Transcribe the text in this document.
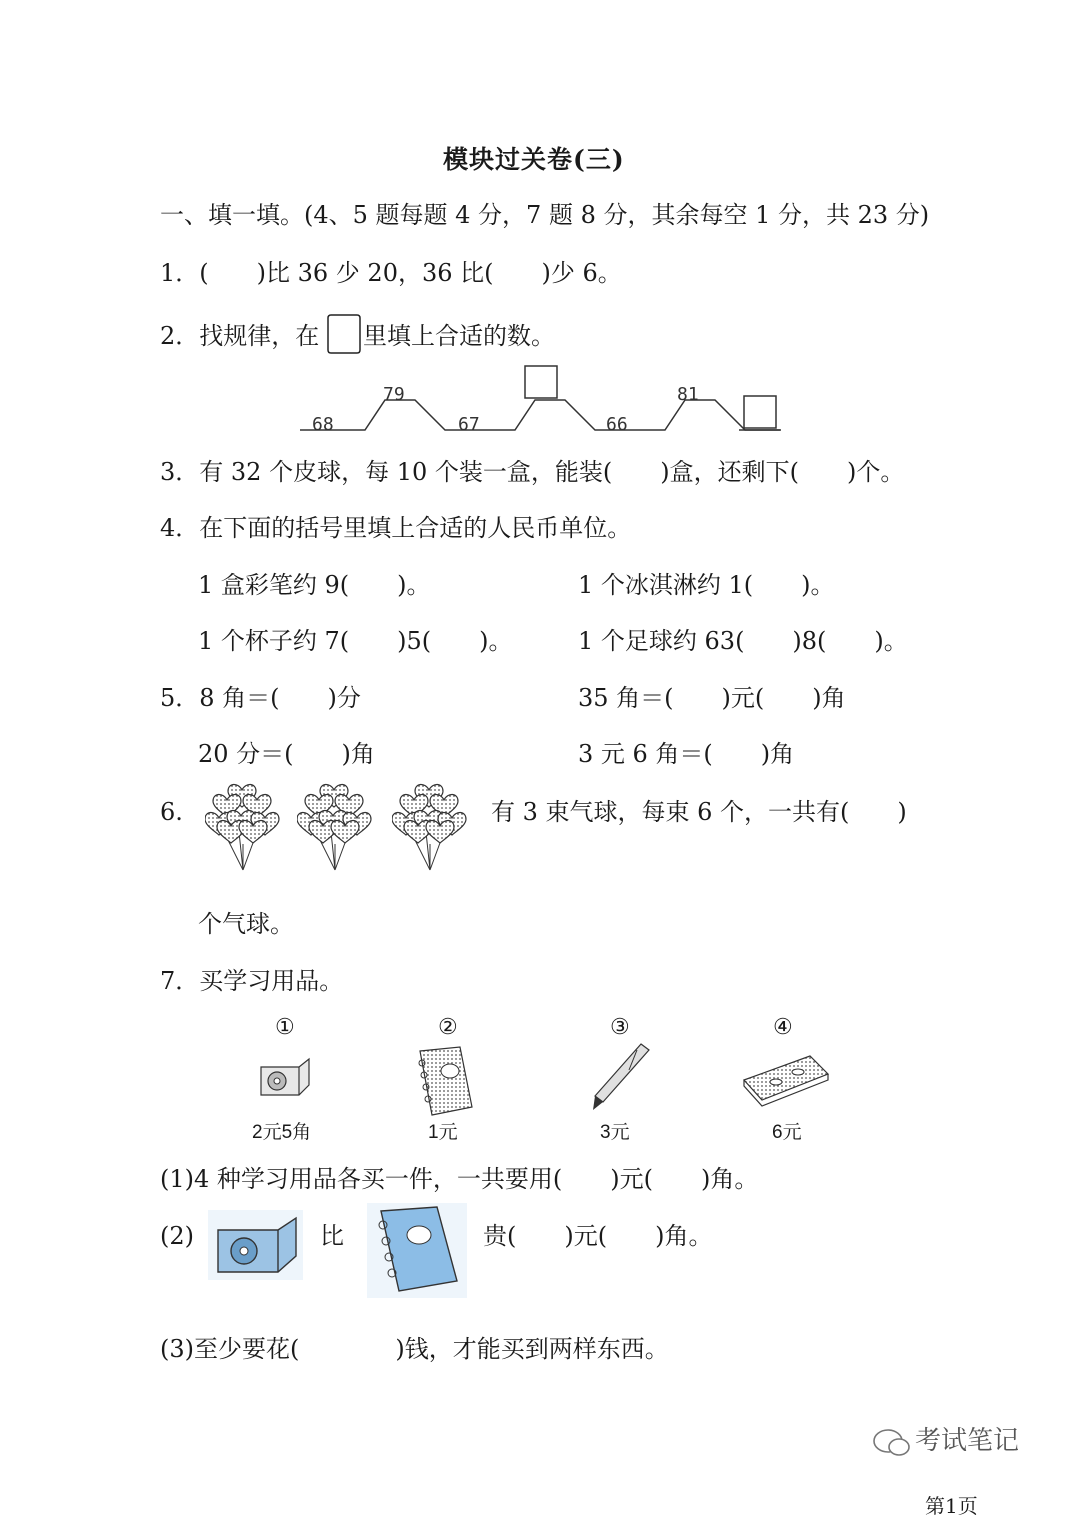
模块过关卷(三)
一、填一填。(4、5 题每题 4 分，7 题 8 分，其余每空 1 分，共 23 分)
1．(　　)比 36 少 20，36 比(　　)少 6。
2．找规律，在 里填上合适的数。
68
79
67	66
81
3．有 32 个皮球，每 10 个装一盒，能装(　　)盒，还剩下(　　)个。
4．在下面的括号里填上合适的人民币单位。
1 盒彩笔约 9(　　)。	1 个冰淇淋约 1(　　)。
1 个杯子约 7(　　)5(　　)。	1 个足球约 63(　　)8(　　)。
5．8 角＝(　　)分	35 角＝(　　)元(　　)角
20 分＝(　　)角	3 元 6 角＝(　　)角
6.	有 3 束气球，每束 6 个，一共有(　　)
个气球。
7．买学习用品。
①	②	③	④
2元5角	1元	3元	6元
(1)4 种学习用品各买一件，一共要用(　　)元(　　)角。
(2)	比	贵(　　)元(　　)角。
(3)至少要花(　　　　)钱，才能买到两样东西。
考试笔记
第1页
